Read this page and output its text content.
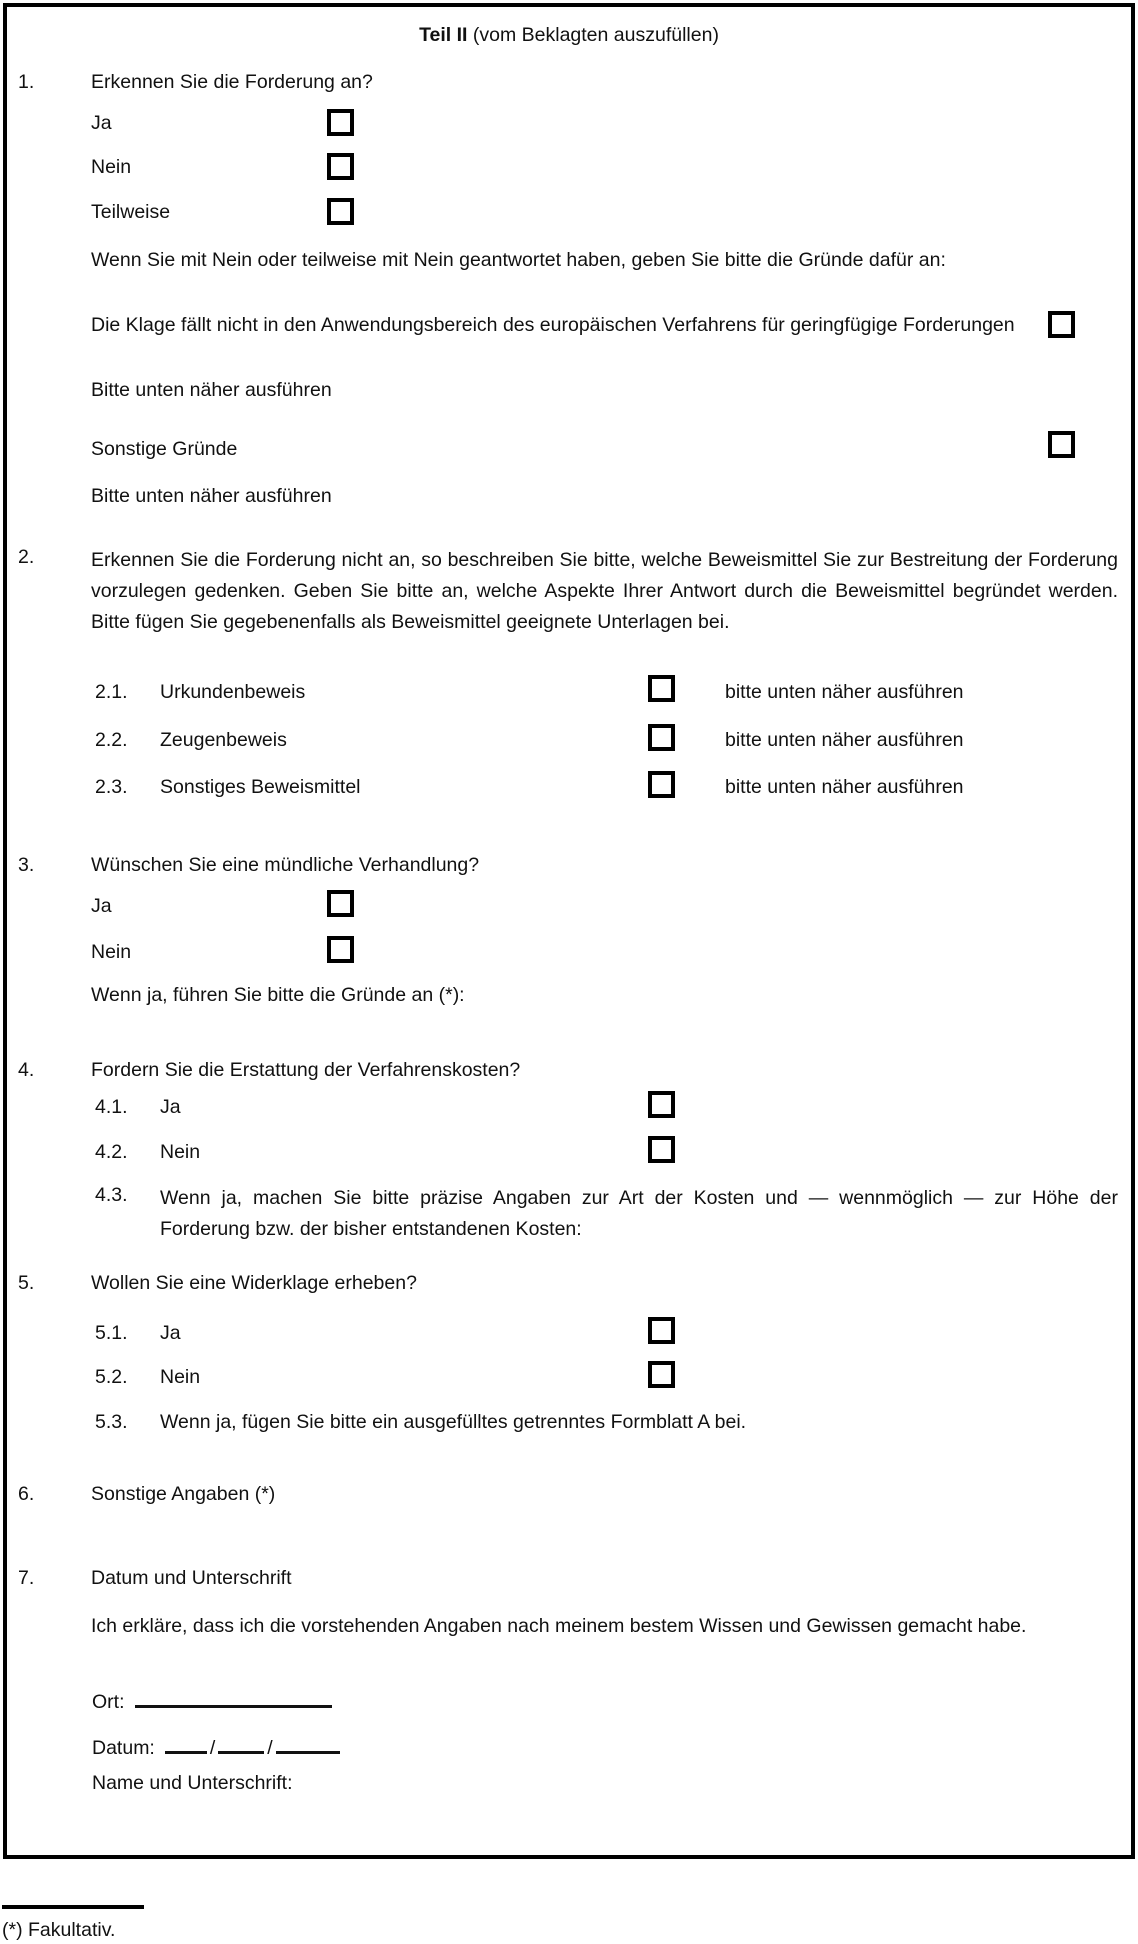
Teil II (vom Beklagten auszufüllen)
1.	Erkennen Sie die Forderung an?
Ja
Nein
Teilweise
Wenn Sie mit Nein oder teilweise mit Nein geantwortet haben, geben Sie bitte die Gründe dafür an:
Die Klage fällt nicht in den Anwendungsbereich des europäischen Verfahrens für geringfügige Forderungen
Bitte unten näher ausführen
Sonstige Gründe
Bitte unten näher ausführen
2.	Erkennen Sie die Forderung nicht an, so beschreiben Sie bitte, welche Beweismittel Sie zur Bestreitung der Forderung vorzulegen gedenken. Geben Sie bitte an, welche Aspekte Ihrer Antwort durch die Beweismittel begründet werden. Bitte fügen Sie gegebenenfalls als Beweismittel geeignete Unterlagen bei.
2.1. Urkundenbeweis	bitte unten näher ausführen
2.2. Zeugenbeweis	bitte unten näher ausführen
2.3. Sonstiges Beweismittel	bitte unten näher ausführen
3.	Wünschen Sie eine mündliche Verhandlung?
Ja
Nein
Wenn ja, führen Sie bitte die Gründe an (*):
4.	Fordern Sie die Erstattung der Verfahrenskosten?
4.1. Ja
4.2. Nein
4.3. Wenn ja, machen Sie bitte präzise Angaben zur Art der Kosten und — wennmöglich — zur Höhe der Forderung bzw. der bisher entstandenen Kosten:
5.	Wollen Sie eine Widerklage erheben?
5.1. Ja
5.2. Nein
5.3. Wenn ja, fügen Sie bitte ein ausgefülltes getrenntes Formblatt A bei.
6.	Sonstige Angaben (*)
7.	Datum und Unterschrift
Ich erkläre, dass ich die vorstehenden Angaben nach meinem bestem Wissen und Gewissen gemacht habe.
Ort:
Datum:	/	/
Name und Unterschrift:
(*) Fakultativ.
